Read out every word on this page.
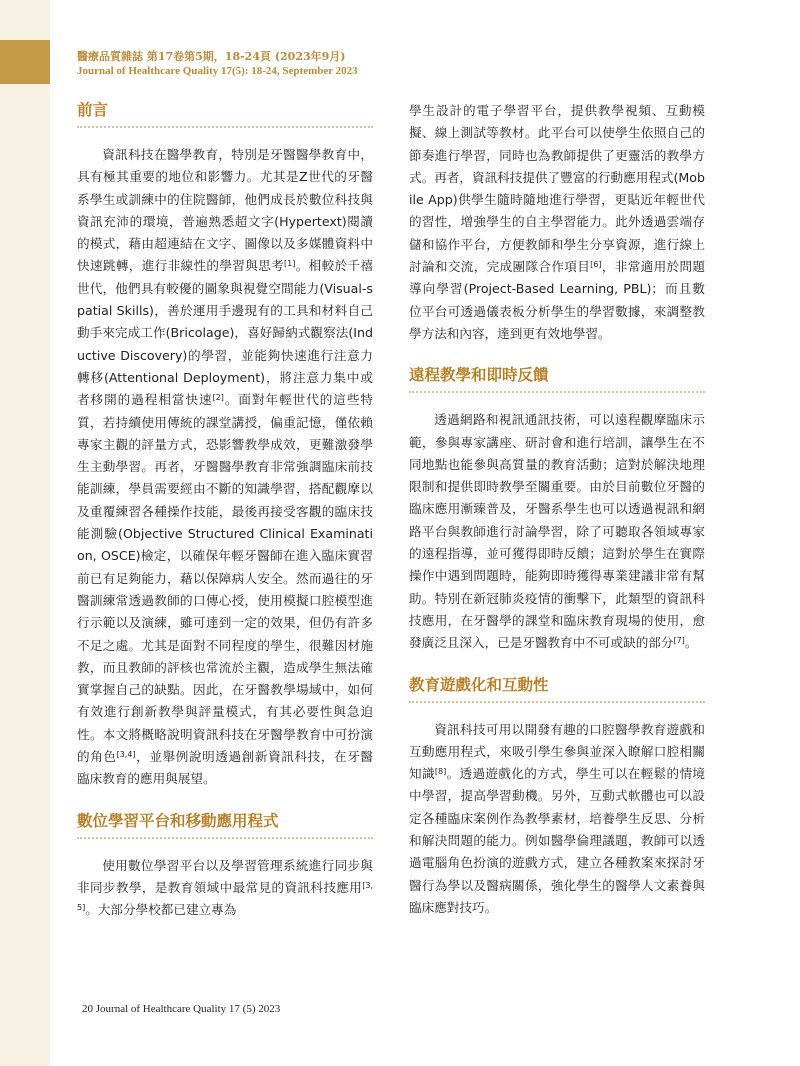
醫療品質雜誌 第17卷第5期，18-24頁 (2023年9月)
Journal of Healthcare Quality 17(5): 18-24, September 2023
前言

資訊科技在醫學教育，特別是牙醫醫學教育中，具有極其重要的地位和影響力。尤其是Z世代的牙醫系學生或訓練中的住院醫師，他們成長於數位科技與資訊充沛的環境，普遍熟悉超文字(Hypertext)閱讀的模式，藉由超連結在文字、圖像以及多媒體資料中快速跳轉，進行非線性的學習與思考[1]。相較於千禧世代，他們具有較優的圖象與視覺空間能力(Visual-spatial Skills)，善於運用手邊現有的工具和材料自己動手來完成工作(Bricolage)，喜好歸納式觀察法(Inductive Discovery)的學習，並能夠快速進行注意力轉移(Attentional Deployment)，將注意力集中或者移開的過程相當快速[2]。面對年輕世代的這些特質，若持續使用傳統的課堂講授，偏重記憶，僅依賴專家主觀的評量方式，恐影響教學成效，更難激發學生主動學習。再者，牙醫醫學教育非常強調臨床前技能訓練，學員需要經由不斷的知識學習，搭配觀摩以及重覆練習各種操作技能，最後再接受客觀的臨床技能測驗(Objective Structured Clinical Examination, OSCE)檢定，以確保年輕牙醫師在進入臨床實習前已有足夠能力，藉以保障病人安全。然而過往的牙醫訓練常透過教師的口傳心授，使用模擬口腔模型進行示範以及演練，雖可達到一定的效果，但仍有許多不足之處。尤其是面對不同程度的學生，很難因材施教，而且教師的評核也常流於主觀，造成學生無法確實掌握自己的缺點。因此，在牙醫教學場域中，如何有效進行創新教學與評量模式，有其必要性與急迫性。本文將概略說明資訊科技在牙醫學教育中可扮演的角色[3,4]，並舉例說明透過創新資訊科技，在牙醫臨床教育的應用與展望。

數位學習平台和移動應用程式

使用數位學習平台以及學習管理系統進行同步與非同步教學，是教育領域中最常見的資訊科技應用[3,5]。大部分學校都已建立專為

學生設計的電子學習平台，提供教學視頻、互動模擬、線上測試等教材。此平台可以使學生依照自己的節奏進行學習，同時也為教師提供了更靈活的教學方式。再者，資訊科技提供了豐富的行動應用程式(Mobile App)供學生隨時隨地進行學習，更貼近年輕世代的習性，增強學生的自主學習能力。此外透過雲端存儲和協作平台，方便教師和學生分享資源，進行線上討論和交流，完成團隊合作項目[6]，非常適用於問題導向學習(Project-Based Learning, PBL)；而且數位平台可透過儀表板分析學生的學習數據，來調整教學方法和內容，達到更有效地學習。

遠程教學和即時反饋

透過網路和視訊通訊技術，可以遠程觀摩臨床示範，參與專家講座、研討會和進行培訓，讓學生在不同地點也能參與高質量的教育活動；這對於解決地理限制和提供即時教學至關重要。由於目前數位牙醫的臨床應用漸臻普及，牙醫系學生也可以透過視訊和網路平台與教師進行討論學習，除了可聽取各領域專家的遠程指導，並可獲得即時反饋；這對於學生在實際操作中遇到問題時，能夠即時獲得專業建議非常有幫助。特別在新冠肺炎疫情的衝擊下，此類型的資訊科技應用，在牙醫學的課堂和臨床教育現場的使用，愈發廣泛且深入，已是牙醫教育中不可或缺的部分[7]。

教育遊戲化和互動性

資訊科技可用以開發有趣的口腔醫學教育遊戲和互動應用程式，來吸引學生參與並深入瞭解口腔相關知識[8]。透過遊戲化的方式，學生可以在輕鬆的情境中學習，提高學習動機。另外，互動式軟體也可以設定各種臨床案例作為教學素材，培養學生反思、分析和解決問題的能力。例如醫學倫理議題，教師可以透過電腦角色扮演的遊戲方式，建立各種教案來探討牙醫行為學以及醫病關係，強化學生的醫學人文素養與臨床應對技巧。

20 Journal of Healthcare Quality 17 (5) 2023
